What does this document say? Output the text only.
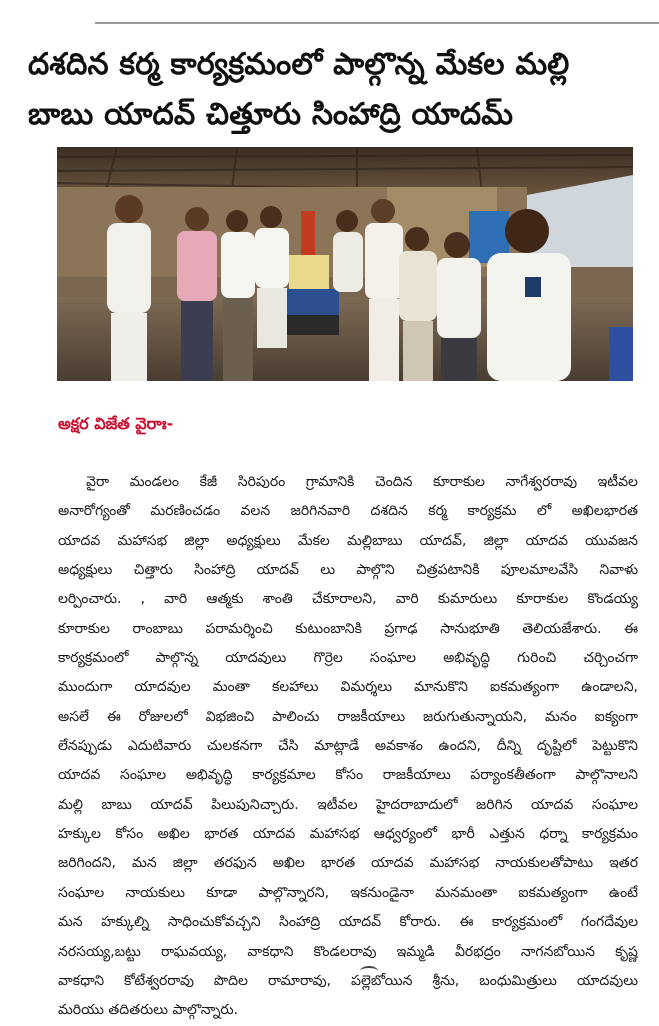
దశదిన కర్మ కార్యక్రమంలో పాల్గొన్న మేకల మల్లి
బాబు యాదవ్ చిత్తూరు సింహాద్రి యాదమ్

అక్షర విజేత వైరాః-

వైరా మండలం కేజీ సిరిపురం గ్రామానికి చెందిన కూరాకుల నాగేశ్వరరావు ఇటీవల
అనారోగ్యంతో మరణించడం వలన జరిగినవారి దశదిన కర్మ కార్యక్రమ లో అఖిలభారత
యాదవ మహాసభ జిల్లా అధ్యక్షులు మేకల మల్లిబాబు యాదవ్, జిల్లా యాదవ యువజన
అధ్యక్షులు చిత్తారు సింహాద్రి యాదవ్ లు పాల్గొని చిత్రపటానికి పూలమాలవేసి నివాళు
లర్పించారు. , వారి ఆత్మకు శాంతి చేకూరాలని, వారి కుమారులు కూరాకుల కొండయ్య
కూరాకుల రాంబాబు పరామర్శించి కుటుంబానికి ప్రగాఢ సానుభూతి తెలియజేశారు. ఈ
కార్యక్రమంలో పాల్గొన్న యాదవులు గొర్రెల సంఘాల అభివృద్ధి గురించి చర్చించగా
ముందుగా యాదవుల మంతా కలహాలు విమర్శలు మానుకొని ఐకమత్యంగా ఉండాలని,
అసలే ఈ రోజులలో విభజించి పాలించు రాజకీయాలు జరుగుతున్నాయని, మనం ఐక్యంగా
లేనప్పుడు ఎదుటివారు చులకనగా చేసి మాట్లాడే అవకాశం ఉందని, దీన్ని దృష్టిలో పెట్టుకొని
యాదవ సంఘాల అభివృద్ధి కార్యక్రమాల కోసం రాజకీయాలు పర్యాంకతీతంగా పాల్గొనాలని
మల్లి బాబు యాదవ్ పిలుపునిచ్చారు. ఇటీవల హైదరాబాదులో జరిగిన యాదవ సంఘాల
హక్కుల కోసం అఖిల భారత యాదవ మహాసభ ఆధ్వర్యంలో భారీ ఎత్తున ధర్నా కార్యక్రమం
జరిగిందని, మన జిల్లా తరఫున అఖిల భారత యాదవ మహాసభ నాయకులతోపాటు ఇతర
సంఘాల నాయకులు కూడా పాల్గొన్నారని, ఇకనుండైనా మనమంతా ఐకమత్యంగా ఉంటే
మన హక్కుల్ని సాధించుకోవచ్చని సింహాద్రి యాదవ్ కోరారు. ఈ కార్యక్రమంలో గంగదేవుల
నరసయ్య,బట్టు రాఘవయ్య, వాకధాని కొండలరావు ఇమ్మడి వీరభద్రం నాగనబోయిన కృష్ణ
వాకధాని కోటేశ్వరరావు పొదిల రామారావు, పల్లెబోయిన శ్రీను, బంధుమిత్రులు యాదవులు
మరియు తదితరులు పాల్గొన్నారు.
